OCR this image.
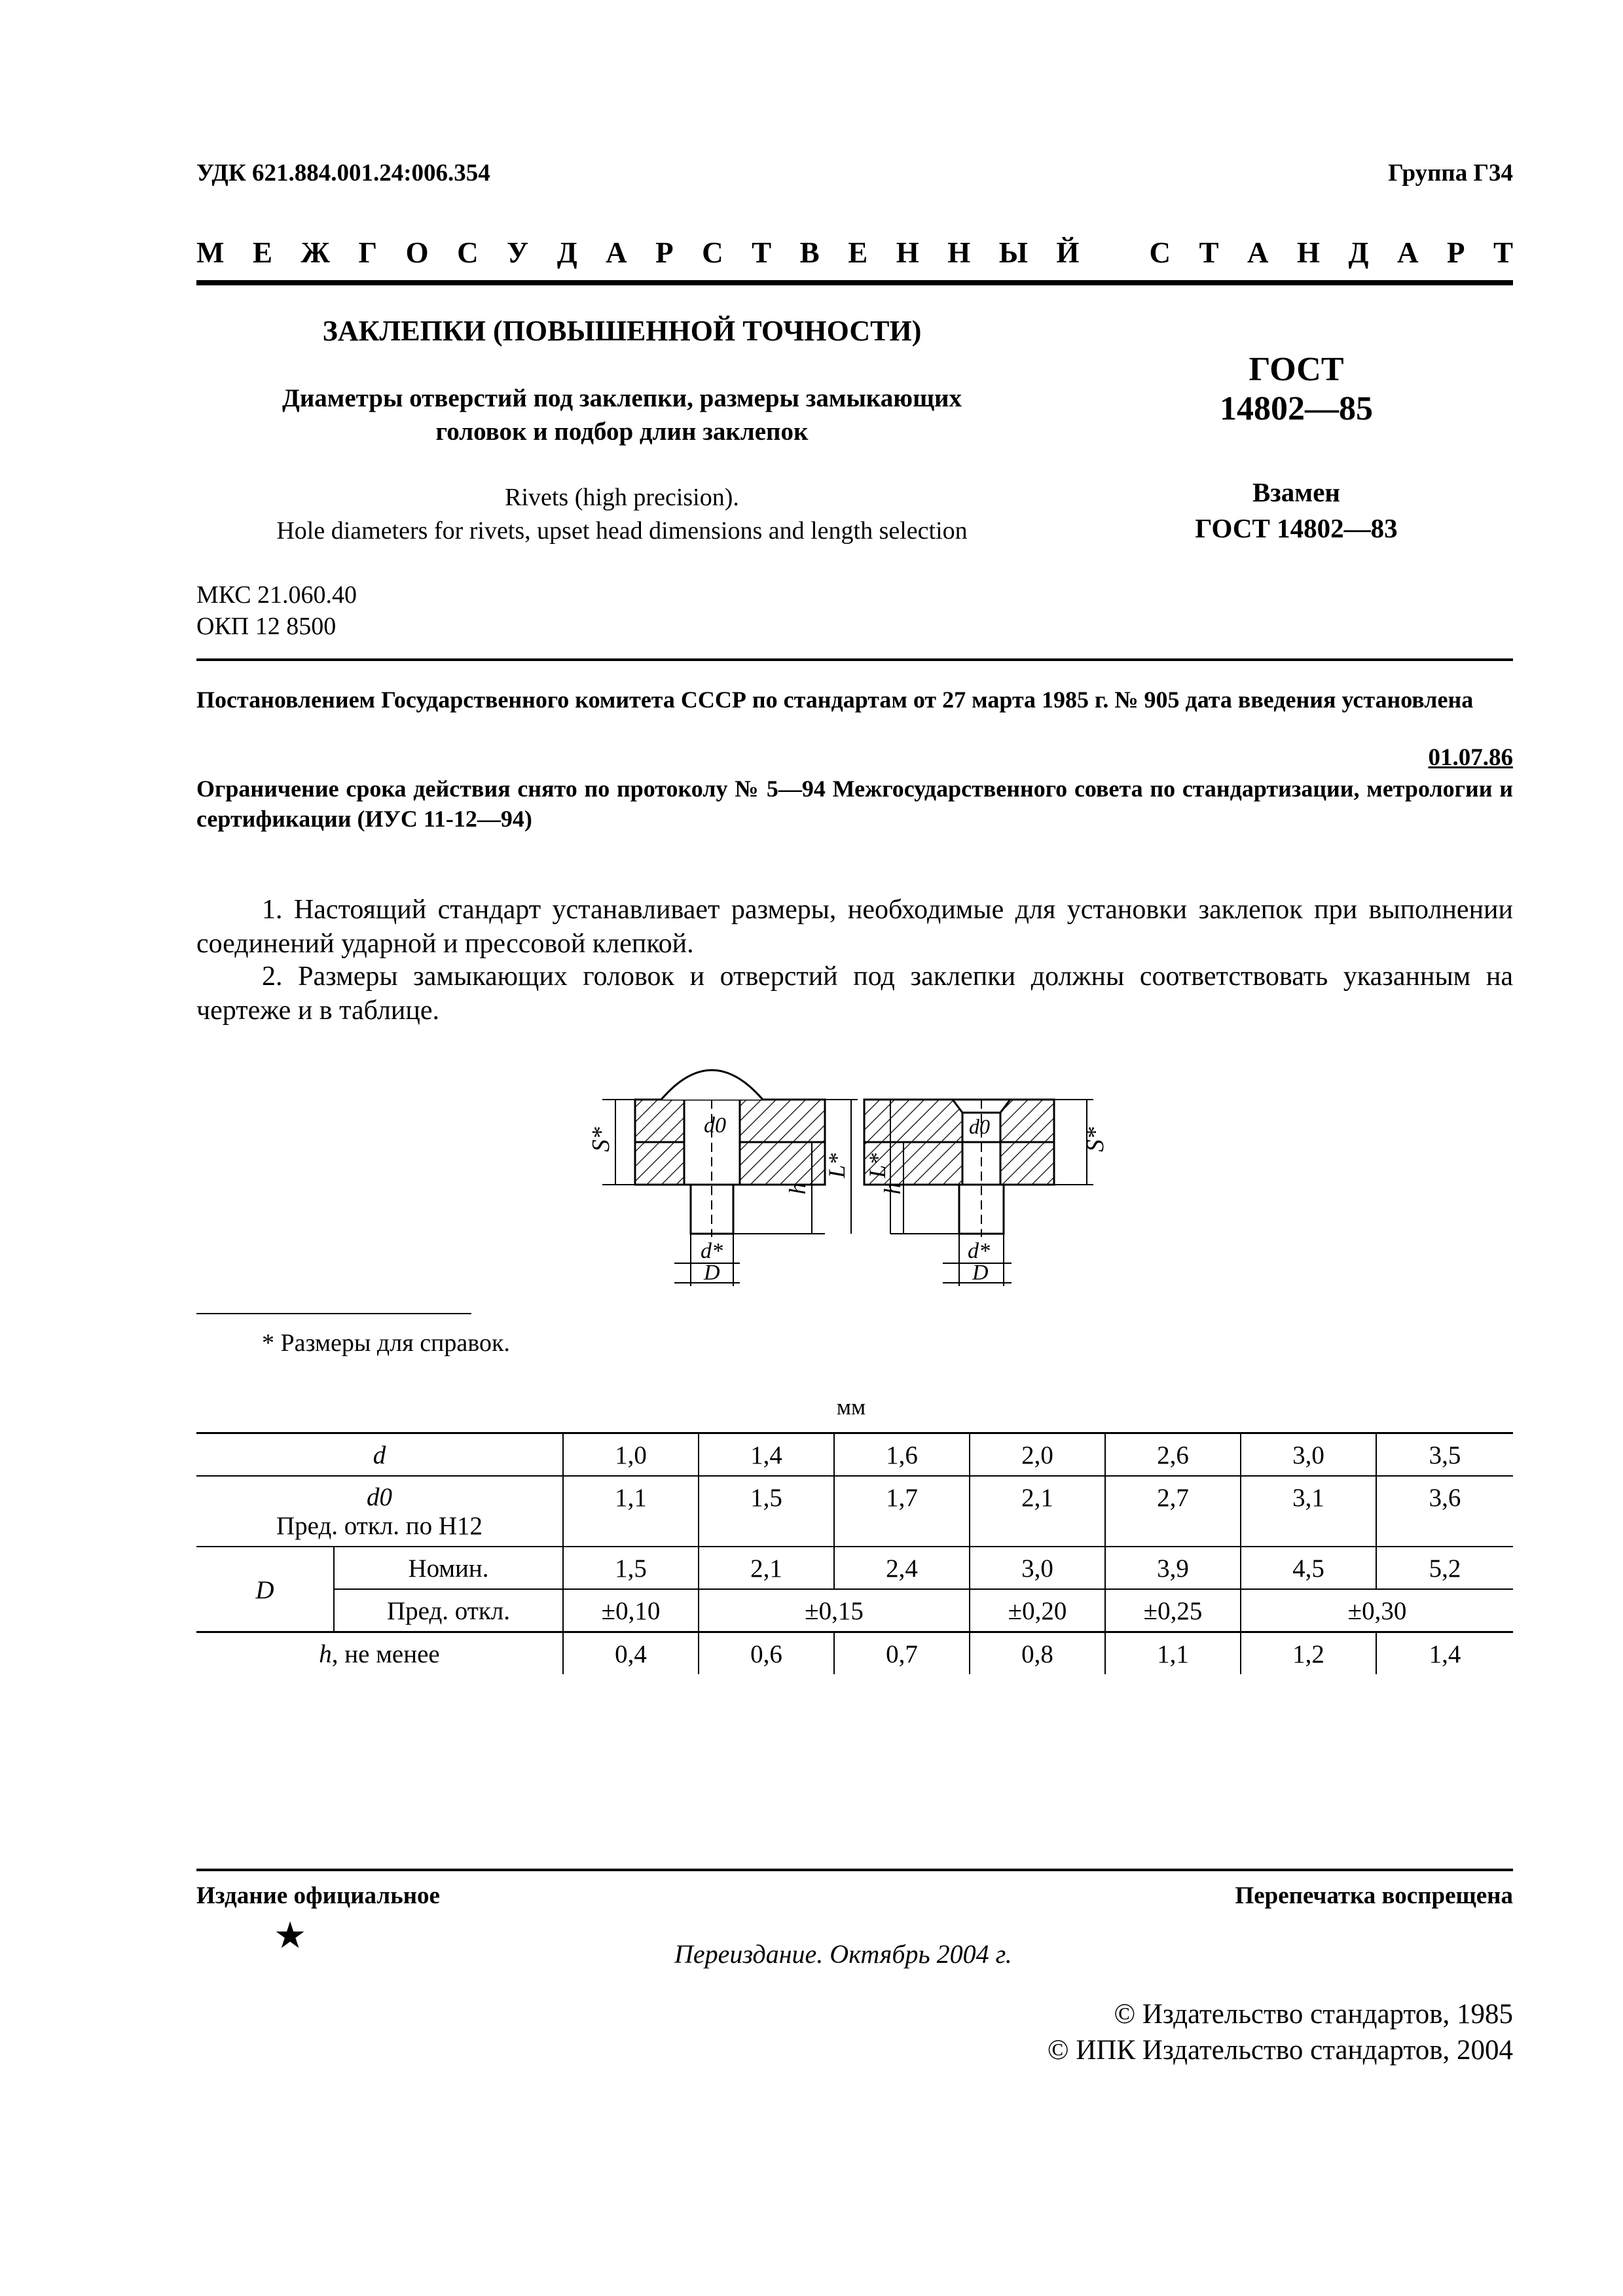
УДК 621.884.001.24:006.354	Группа Г34
М Е Ж Г О С У Д А Р С Т В Е Н Н Ы Й С Т А Н Д А Р Т
ЗАКЛЕПКИ (ПОВЫШЕННОЙ ТОЧНОСТИ)
Диаметры отверстий под заклепки, размеры замыкающих
головок и подбор длин заклепок
Rivets (high precision).
Hole diameters for rivets, upset head dimensions and length selection
ГОСТ
14802—85
Взамен
ГОСТ 14802—83
МКС 21.060.40
ОКП 12 8500
Постановлением Государственного комитета СССР по стандартам от 27 марта 1985 г. № 905 дата введения установлена
01.07.86
Ограничение срока действия снято по протоколу № 5—94 Межгосударственного совета по стандартизации, метрологии и сертификации (ИУС 11-12—94)
1. Настоящий стандарт устанавливает размеры, необходимые для установки заклепок при выполнении соединений ударной и прессовой клепкой.
2. Размеры замыкающих головок и отверстий под заклепки должны соответствовать указанным на чертеже и в таблице.
S*
d0
h
L*
d*
D
L*
h
d0
S*
d*
D
* Размеры для справок.
мм
d		1,0	1,4	1,6	2,0	2,6	3,0	3,5

d0
Пред. откл. по H12		1,1	1,5	1,7	2,1	2,7	3,1	3,6
D	Номин.	1,5	2,1	2,4	3,0	3,9	4,5	5,2
	Пред. откл.	±0,10	±0,15		±0,20	±0,25	±0,30	
h, не менее		0,4	0,6	0,7	0,8	1,1	1,2	1,4
Издание официальное	Перепечатка воспрещена
★	Переиздание. Октябрь 2004 г.
© Издательство стандартов, 1985
© ИПК Издательство стандартов, 2004
